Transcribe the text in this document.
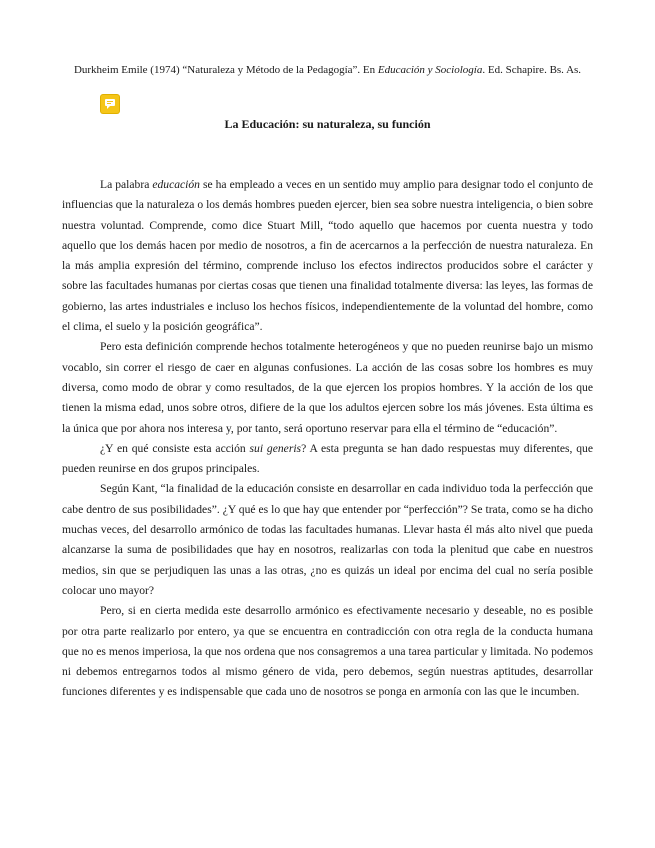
Durkheim Emile (1974) “Naturaleza y Método de la Pedagogía”. En Educación y Sociología. Ed. Schapire. Bs. As.
La Educación: su naturaleza, su función

La palabra educación se ha empleado a veces en un sentido muy amplio para designar todo el conjunto de influencias que la naturaleza o los demás hombres pueden ejercer, bien sea sobre nuestra inteligencia, o bien sobre nuestra voluntad. Comprende, como dice Stuart Mill, “todo aquello que hacemos por cuenta nuestra y todo aquello que los demás hacen por medio de nosotros, a fin de acercarnos a la perfección de nuestra naturaleza. En la más amplia expresión del término, comprende incluso los efectos indirectos producidos sobre el carácter y sobre las facultades humanas por ciertas cosas que tienen una finalidad totalmente diversa: las leyes, las formas de gobierno, las artes industriales e incluso los hechos físicos, independientemente de la voluntad del hombre, como el clima, el suelo y la posición geográfica”.

Pero esta definición comprende hechos totalmente heterogéneos y que no pueden reunirse bajo un mismo vocablo, sin correr el riesgo de caer en algunas confusiones. La acción de las cosas sobre los hombres es muy diversa, como modo de obrar y como resultados, de la que ejercen los propios hombres. Y la acción de los que tienen la misma edad, unos sobre otros, difiere de la que los adultos ejercen sobre los más jóvenes. Esta última es la única que por ahora nos interesa y, por tanto, será oportuno reservar para ella el término de “educación”.

¿Y en qué consiste esta acción sui generis? A esta pregunta se han dado respuestas muy diferentes, que pueden reunirse en dos grupos principales.

Según Kant, “la finalidad de la educación consiste en desarrollar en cada individuo toda la perfección que cabe dentro de sus posibilidades”. ¿Y qué es lo que hay que entender por “perfección”? Se trata, como se ha dicho muchas veces, del desarrollo armónico de todas las facultades humanas. Llevar hasta él más alto nivel que pueda alcanzarse la suma de posibilidades que hay en nosotros, realizarlas con toda la plenitud que cabe en nuestros medios, sin que se perjudiquen las unas a las otras, ¿no es quizás un ideal por encima del cual no sería posible colocar uno mayor?

Pero, si en cierta medida este desarrollo armónico es efectivamente necesario y deseable, no es posible por otra parte realizarlo por entero, ya que se encuentra en contradicción con otra regla de la conducta humana que no es menos imperiosa, la que nos ordena que nos consagremos a una tarea particular y limitada. No podemos ni debemos entregarnos todos al mismo género de vida, pero debemos, según nuestras aptitudes, desarrollar funciones diferentes y es indispensable que cada uno de nosotros se ponga en armonía con las que le incumben.
